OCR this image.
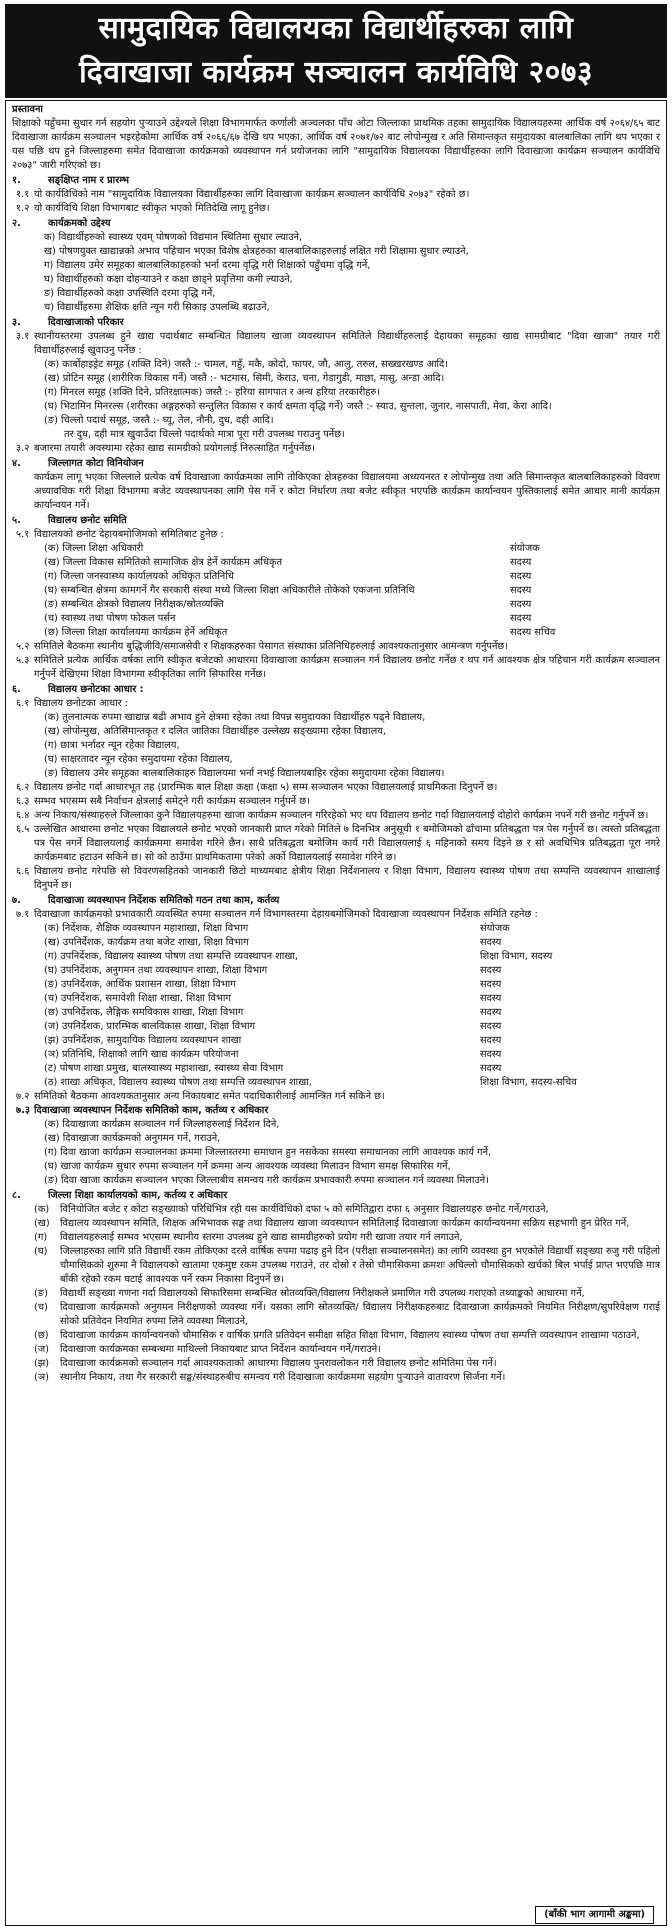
सामुदायिक विद्यालयका विद्यार्थीहरुका लागि
दिवाखाजा कार्यक्रम सञ्चालन कार्यविधि २०७३
प्रस्तावना
शिक्षाको पहुँचमा सुधार गर्न सहयोग पुऱ्याउने उद्देश्यले शिक्षा विभागमार्फत कर्णाली अञ्चलका पाँच ओटा जिल्लाका प्राथमिक तहका सामुदायिक विद्यालयहरुमा आर्थिक वर्ष २०६४/६५ बाट दिवाखाजा कार्यक्रम सञ्चालन भइरहेकोमा आर्थिक वर्ष २०६६/६७ देखि थप भएका, आर्थिक वर्ष २०७१/७२ बाट लोपोन्मुख र अति सिमान्तकृत समुदायका बालबालिका लागि थप भएका र यस पछि थप हुने जिल्लाहरुमा समेत दिवाखाजा कार्यक्रमको व्यवस्थापन गर्न प्रयोजनका लागि "सामुदायिक विद्यालयका विद्यार्थीहरुका लागि दिवाखाजा कार्यक्रम सञ्चालन कार्यविधि २०७३" जारी गरिएको छ।
१.	सङ्क्षिप्त नाम र प्रारम्भ
१.१ यो कार्यविधिको नाम "सामुदायिक विद्यालयका विद्यार्थीहरुका लागि दिवाखाजा कार्यक्रम सञ्चालन कार्यविधि २०७३" रहेको छ।
१.२ यो कार्यविधि शिक्षा विभागबाट स्वीकृत भएको मितिदेखि लागू हुनेछ।
२.	कार्यक्रमको उद्देश्य
क) विद्यार्थीहरुको स्वास्थ्य एवम् पोषणको विद्यमान स्थितिमा सुधार ल्याउने,
ख) पोषणयुक्त खाद्यान्नको अभाव पहिचान भएका विशेष क्षेत्रहरुका बालबालिकाहरुलाई लक्षित गरी शिक्षामा सुधार ल्याउने,
ग) विद्यालय उमेर समूहका बालबालिकाहरुको भर्ना दरमा वृद्धि गरी शिक्षाको पहुँचमा वृद्धि गर्ने,
घ) विद्यार्थीहरुको कक्षा दोहऱ्याउने र कक्षा छाड्ने प्रवृत्तिमा कमी ल्याउने,
ङ) विद्यार्थीहरुको कक्षा उपस्थिति दरमा वृद्धि गर्ने,
च) विद्यार्थीहरुमा शैक्षिक क्षति न्यून गरी सिकाइ उपलब्धि बढाउने,
३.	दिवाखाजाको परिकार
३.१ स्थानीयस्तरमा उपलब्ध हुने खाद्य पदार्थबाट सम्बन्धित विद्यालय खाजा व्यवस्थापन समितिले विद्यार्थीहरुलाई देहायका समूहका खाद्य सामग्रीबाट "दिवा खाजा" तयार गरी विद्यार्थीहरुलाई खुवाउनु पर्नेछ :
(क) कार्बोहाइड्रेट समूह (शक्ति दिने) जस्तै :- चामल, गहुँ, मकै, कोदो, फापर, जौ, आलु, तरुल, सख्खरखण्ड आदि।
(ख) प्रोटिन समूह (शारीरिक विकास गर्ने) जस्तै :- भटमास, सिमी, केराउ, चना, गेडागुडी, माछा, मासु, अन्डा आदि।
(ग) मिनरल समूह (शक्ति दिने, प्रतिरक्षात्मक) जस्तै :- हरिया सागपात र अन्य हरिया तरकारीहरु।
(घ) भिटामिन मिनरल्स (शरीरका अङ्गहरुको सन्तुलित विकास र कार्य क्षमता वृद्धि गर्ने) जस्तै :- स्याउ, सुन्तला, जुनार, नासपाती, मेवा, केरा आदि।
(ङ) चिल्लो पदार्थ समूह, जस्तै :- घ्यू, तेल, नौनी, दुध, दही आदि।
तर दुध, दही मात्र खुवाउँदा चिल्लो पदार्थको मात्रा पूरा गरी उपलब्ध गराउनु पर्नेछ।
३.२ बजारमा तयारी अवस्थामा रहेका खाद्य सामग्रीको प्रयोगलाई निरुत्साहित गर्नुपर्नेछ।
४.	जिल्लागत कोटा विनियोजन
कार्यक्रम लागू भएका जिल्लाले प्रत्येक वर्ष दिवाखाजा कार्यक्रमका लागि तोकिएका क्षेत्रहरुका विद्यालयमा अध्ययनरत र लोपोन्मुख तथा अति सिमान्तकृत बालबालिकाहरुको विवरण अध्यावधिक गरी शिक्षा विभागमा बजेट व्यवस्थापनका लागि पेस गर्ने र कोटा निर्धारण तथा बजेट स्वीकृत भएपछि कार्यक्रम कार्यान्वयन पुस्तिकालाई समेत आधार मानी कार्यक्रम कार्यान्वयन गर्ने।
५.	विद्यालय छनोट समिति
५.१ विद्यालयको छनोट देहायबमोजिमको समितिबाट हुनेछ :
(क) जिल्ला शिक्षा अधिकारी	संयोजक
(ख) जिल्ला विकास समितिको सामाजिक क्षेत्र हेर्ने कार्यक्रम अधिकृत	सदस्य
(ग) जिल्ला जनस्वास्थ्य कार्यालयको अधिकृत प्रतिनिधि	सदस्य
(घ) सम्बन्धित क्षेत्रमा कामगर्ने गैर सरकारी संस्था मध्ये जिल्ला शिक्षा अधिकारीले तोकेको एकजना प्रतिनिधि	सदस्य
(ङ) सम्बन्धित क्षेत्रको विद्यालय निरीक्षक/स्रोतव्यक्ति	सदस्य
(च) स्वास्थ्य तथा पोषण फोकल पर्सन	सदस्य
(छ) जिल्ला शिक्षा कार्यालयमा कार्यक्रम हेर्ने अधिकृत	सदस्य सचिव
५.२ समितिले बैठकमा स्थानीय बुद्धिजीवि/समाजसेवी र शिक्षकहरुका पेसागत संस्थाका प्रतिनिधिहरुलाई आवश्यकतानुसार आमन्त्रण गर्नुपर्नेछ।
५.३ समितिले प्रत्येक आर्थिक वर्षका लागि स्वीकृत बजेटको आधारमा दिवाखाजा कार्यक्रम सञ्चालन गर्न विद्यालय छनोट गर्नेछ र थप गर्न आवश्यक क्षेत्र पहिचान गरी कार्यक्रम सञ्चालन गर्नुपर्ने देखिएमा शिक्षा विभागमा स्वीकृतिका लागि सिफारिस गर्नेछ।
६.	विद्यालय छनोटका आधार :
६.१ विद्यालय छनोटका आधार :
(क) तुलनात्मक रुपमा खाद्यान्न बढी अभाव हुने क्षेत्रमा रहेका तथा विपन्न समुदायका विद्यार्थीहरु पढ्ने विद्यालय,
(ख) लोपोन्मुख, अतिसिमान्तकृत र दलित जातिका विद्यार्थीहरु उल्लेख्य सङ्ख्यामा रहेका विद्यालय,
(ग) छात्रा भर्नादर न्यून रहेका विद्यालय,
(घ) साक्षरतादर न्यून रहेका समुदायमा रहेका विद्यालय,
(ङ) विद्यालय उमेर समूहका बालबालिकाहरु विद्यालयमा भर्ना नभई विद्यालयबाहिर रहेका समुदायमा रहेका विद्यालय।
६.२ विद्यालय छनोट गर्दा आधारभूत तह (प्रारम्भिक बाल शिक्षा कक्षा (कक्षा ५) सम्म सञ्चालन भएका विद्यालयलाई प्राथमिकता दिनुपर्ने छ।
६.३ सम्भव भएसम्म सबै निर्वाचन क्षेत्रलाई समेट्ने गरी कार्यक्रम सञ्चालन गर्नुपर्ने छ।
६.४ अन्य निकाय/संस्थाहरुले जिल्लाका कुनै विद्यालयहरुमा खाजा कार्यक्रम सञ्चालन गरिरहेको भए थप विद्यालय छनोट गर्दा विद्यालयलाई दोहोरो कार्यक्रम नपर्ने गरी छनोट गर्नुपर्ने छ।
६.५ उल्लेखित आधारमा छनोट भएका विद्यालयले छनोट भएको जानकारी प्राप्त गरेको मितिले ७ दिनभित्र अनुसूची १ बमोजिमको ढाँचामा प्रतिबद्धता पत्र पेस गर्नुपर्ने छ। त्यस्तो प्रतिबद्धता पत्र पेस नगर्ने विद्यालयलाई कार्यक्रममा समावेश गरिने छैन। साथै प्रतिबद्धता बमोजिम कार्य गरी विद्यालयलाई ६ महिनाको समय दिइने छ र सो अवधिभित्र प्रतिबद्धता पूरा नगरे कार्यक्रमबाट हटाउन सकिने छ। सो को ठाउँमा प्राथमिकतामा परेको अर्को विद्यालयलाई समावेश गरिने छ।
६.६ विद्यालय छनोट गरेपछि सो विवरणसहितको जानकारी छिटो माध्यमबाट क्षेत्रीय शिक्षा निर्देशनालय र शिक्षा विभाग, विद्यालय स्वास्थ्य पोषण तथा सम्पन्ति व्यवस्थापन शाखालाई दिनुपर्ने छ।
७.	दिवाखाजा व्यवस्थापन निर्देशक समितिको गठन तथा काम, कर्तव्य
७.१ दिवाखाजा कार्यक्रमको प्रभावकारी व्यवस्थित रुपमा सञ्चालन गर्न विभागस्तरमा देहायबमोजिमको दिवाखाजा व्यवस्थापन निर्देशक समिति रहनेछ :
(क) निर्देशक, शैक्षिक व्यवस्थापन महाशाखा, शिक्षा विभाग	संयोजक
(ख) उपनिर्देशक, कार्यक्रम तथा बजेट शाखा, शिक्षा विभाग	सदस्य
(ग) उपनिर्देशक, विद्यालय स्वास्थ्य पोषण तथा सम्पत्ति व्यवस्थापन शाखा,	शिक्षा विभाग, सदस्य
(घ) उपनिर्देशक, अनुगमन तथा व्यवस्थापन शाखा, शिक्षा विभाग	सदस्य
(ङ) उपनिर्देशक, आर्थिक प्रशासन शाखा, शिक्षा विभाग	सदस्य
(च) उपनिर्देशक, समावेशी शिक्षा शाखा, शिक्षा विभाग	सदस्य
(छ) उपनिर्देशक, लैङ्गिक समविकास शाखा, शिक्षा विभाग	सदस्य
(ज) उपनिर्देशक, प्रारम्भिक बालविकास शाखा, शिक्षा विभाग	सदस्य
(झ) उपनिर्देशक, सामुदायिक विद्यालय व्यवस्थापन शाखा	सदस्य
(ञ) प्रतिनिधि, शिक्षाको लागि खाद्य कार्यक्रम परियोजना	सदस्य
(ट) पोषण शाखा प्रमुख, बालस्वास्थ्य महाशाखा, स्वास्थ्य सेवा विभाग	सदस्य
(ठ) शाखा अधिकृत, विद्यालय स्वास्थ्य पोषण तथा सम्पत्ति व्यवस्थापन शाखा,	शिक्षा विभाग, सदस्य-सचिव
७.२ समितिको बैठकमा आवश्यकतानुसार अन्य निकायबाट समेत पदाधिकारीलाई आमन्त्रित गर्न सकिने छ।
७.३ दिवाखाजा व्यवस्थापन निर्देशक समितिको काम, कर्तव्य र अधिकार
(क) दिवाखाजा कार्यक्रम सञ्चालन गर्न जिल्लाहरुलाई निर्देशन दिने,
(ख) दिवाखाजा कार्यक्रमको अनुगमन गर्ने, गराउने,
(ग) दिवा खाजा कार्यक्रम सञ्चालनका क्रममा जिल्लास्तरमा समाधान हुन नसकेका समस्या समाधानका लागि आवश्यक कार्य गर्ने,
(घ) खाजा कार्यक्रम सुधार रुपमा सञ्चालन गर्ने क्रममा अन्य आवश्यक व्यवस्था मिलाउन विभाग समक्ष सिफारिस गर्ने,
(ङ) दिवा खाजा कार्यक्रम सञ्चालन भएका जिल्लाबीच समन्वय गरी कार्यक्रम प्रभावकारी रुपमा सञ्चालन गर्न व्यवस्था मिलाउने।
८.	जिल्ला शिक्षा कार्यालयको काम, कर्तव्य र अधिकार
(क)	विनियोजित बजेट र कोटा सङ्ख्याको परिधिभित्र रही यस कार्यविधिको दफा ५ को समितिद्वारा दफा ६ अनुसार विद्यालयहरु छनोट गर्ने/गराउने,
(ख)	विद्यालय व्यवस्थापन समिति, शिक्षक अभिभावक सङ्घ तथा विद्यालय खाजा व्यवस्थापन समितिलाई दिवाखाजा कार्यक्रम कार्यान्वयनमा सक्रिय सहभागी हुन प्रेरित गर्ने,
(ग)	विद्यालयहरुलाई सम्भव भएसम्म स्थानीय स्तरमा उपलब्ध हुने खाद्य सामग्रीहरुको प्रयोग गरी खाजा तयार गर्न लगाउने,
(घ)	जिल्लाहरुका लागि प्रति विद्यार्थी रकम तोकिएका दरले वार्षिक रुपमा पढाइ हुने दिन (परीक्षा सञ्चालनसमेत) का लागि व्यवस्था हुन भएकोले विद्यार्थी सङ्ख्या रुजु गरी पहिलो चौमासिकको शुरुमा नै विद्यालयको खातामा एकमुष्ट रकम उपलब्ध गराउने, तर दोस्रो र तेस्रो चौमासिकमा क्रमशः अघिल्लो चौमासिकको खर्चको बिल भर्पाई प्राप्त भएपछि मात्र बाँकी रहेको रकम घटाई आवश्यक पर्ने रकम निकासा दिनुपर्ने छ।
(ङ)	विद्यार्थी सङ्ख्या गणना गर्दा विद्यालयको सिफारिसमा सम्बन्धित स्रोतव्यक्ति/विद्यालय निरीक्षकले प्रमाणित गरी उपलब्ध गराएको तथ्याङ्कको आधारमा गर्ने,
(च)	दिवाखाजा कार्यक्रमको अनुगमन निरीक्षणको व्यवस्था गर्ने। यसका लागि स्रोतव्यक्ति/ विद्यालय निरीक्षकहरुबाट दिवाखाजा कार्यक्रमको नियमित निरीक्षण/सुपरिवेक्षण गराई सोको प्रतिवेदन नियमित रुपमा लिने व्यवस्था मिलाउने,
(छ)	दिवाखाजा कार्यक्रम कार्यान्वयनको चौमासिक र वार्षिक प्रगति प्रतिवेदन समीक्षा सहित शिक्षा विभाग, विद्यालय स्वास्थ्य पोषण तथा सम्पत्ति व्यवस्थापन शाखामा पठाउने,
(ज)	दिवाखाजा कार्यक्रमका सम्बन्धमा माथिल्लो निकायबाट प्राप्त निर्देशन कार्यान्वयन गर्ने/गराउने।
(झ)	दिवाखाजा कार्यक्रमको सञ्चालन गर्दा आवश्यकताको आधारमा विद्यालय पुनरावलोकन गरी विद्यालय छनोट समितिमा पेस गर्ने।
(ञ)	स्थानीय निकाय, तथा गैर सरकारी सङ्घ/संस्थाहरुबीच समन्वय गरी दिवाखाजा कार्यक्रममा सहयोग पुऱ्याउने वातावरण सिर्जना गर्ने।
(बाँकी भाग आगामी अङ्कमा)
